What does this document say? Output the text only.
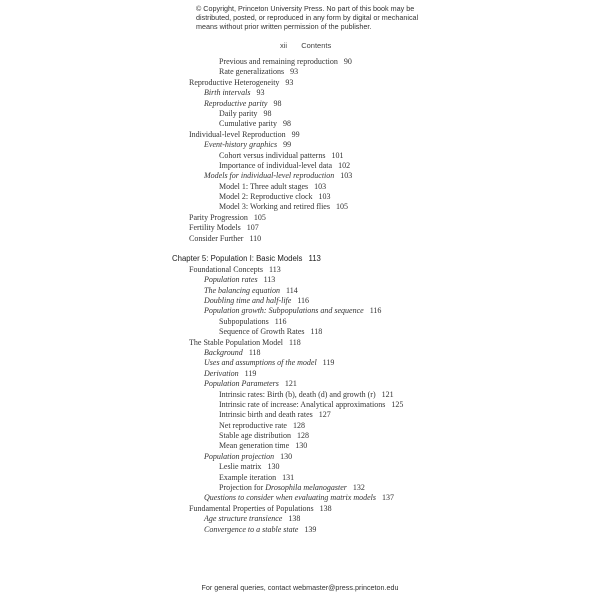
© Copyright, Princeton University Press. No part of this book may be
distributed, posted, or reproduced in any form by digital or mechanical
means without prior written permission of the publisher.
xii Contents
Previous and remaining reproduction 90
Rate generalizations 93
Reproductive Heterogeneity 93
Birth intervals 93
Reproductive parity 98
Daily parity 98
Cumulative parity 98
Individual-level Reproduction 99
Event-history graphics 99
Cohort versus individual patterns 101
Importance of individual-level data 102
Models for individual-level reproduction 103
Model 1: Three adult stages 103
Model 2: Reproductive clock 103
Model 3: Working and retired flies 105
Parity Progression 105
Fertility Models 107
Consider Further 110
Chapter 5: Population I: Basic Models 113
Foundational Concepts 113
Population rates 113
The balancing equation 114
Doubling time and half-life 116
Population growth: Subpopulations and sequence 116
Subpopulations 116
Sequence of Growth Rates 118
The Stable Population Model 118
Background 118
Uses and assumptions of the model 119
Derivation 119
Population Parameters 121
Intrinsic rates: Birth (b), death (d) and growth (r) 121
Intrinsic rate of increase: Analytical approximations 125
Intrinsic birth and death rates 127
Net reproductive rate 128
Stable age distribution 128
Mean generation time 130
Population projection 130
Leslie matrix 130
Example iteration 131
Projection for Drosophila melanogaster 132
Questions to consider when evaluating matrix models 137
Fundamental Properties of Populations 138
Age structure transience 138
Convergence to a stable state 139
For general queries, contact webmaster@press.princeton.edu
